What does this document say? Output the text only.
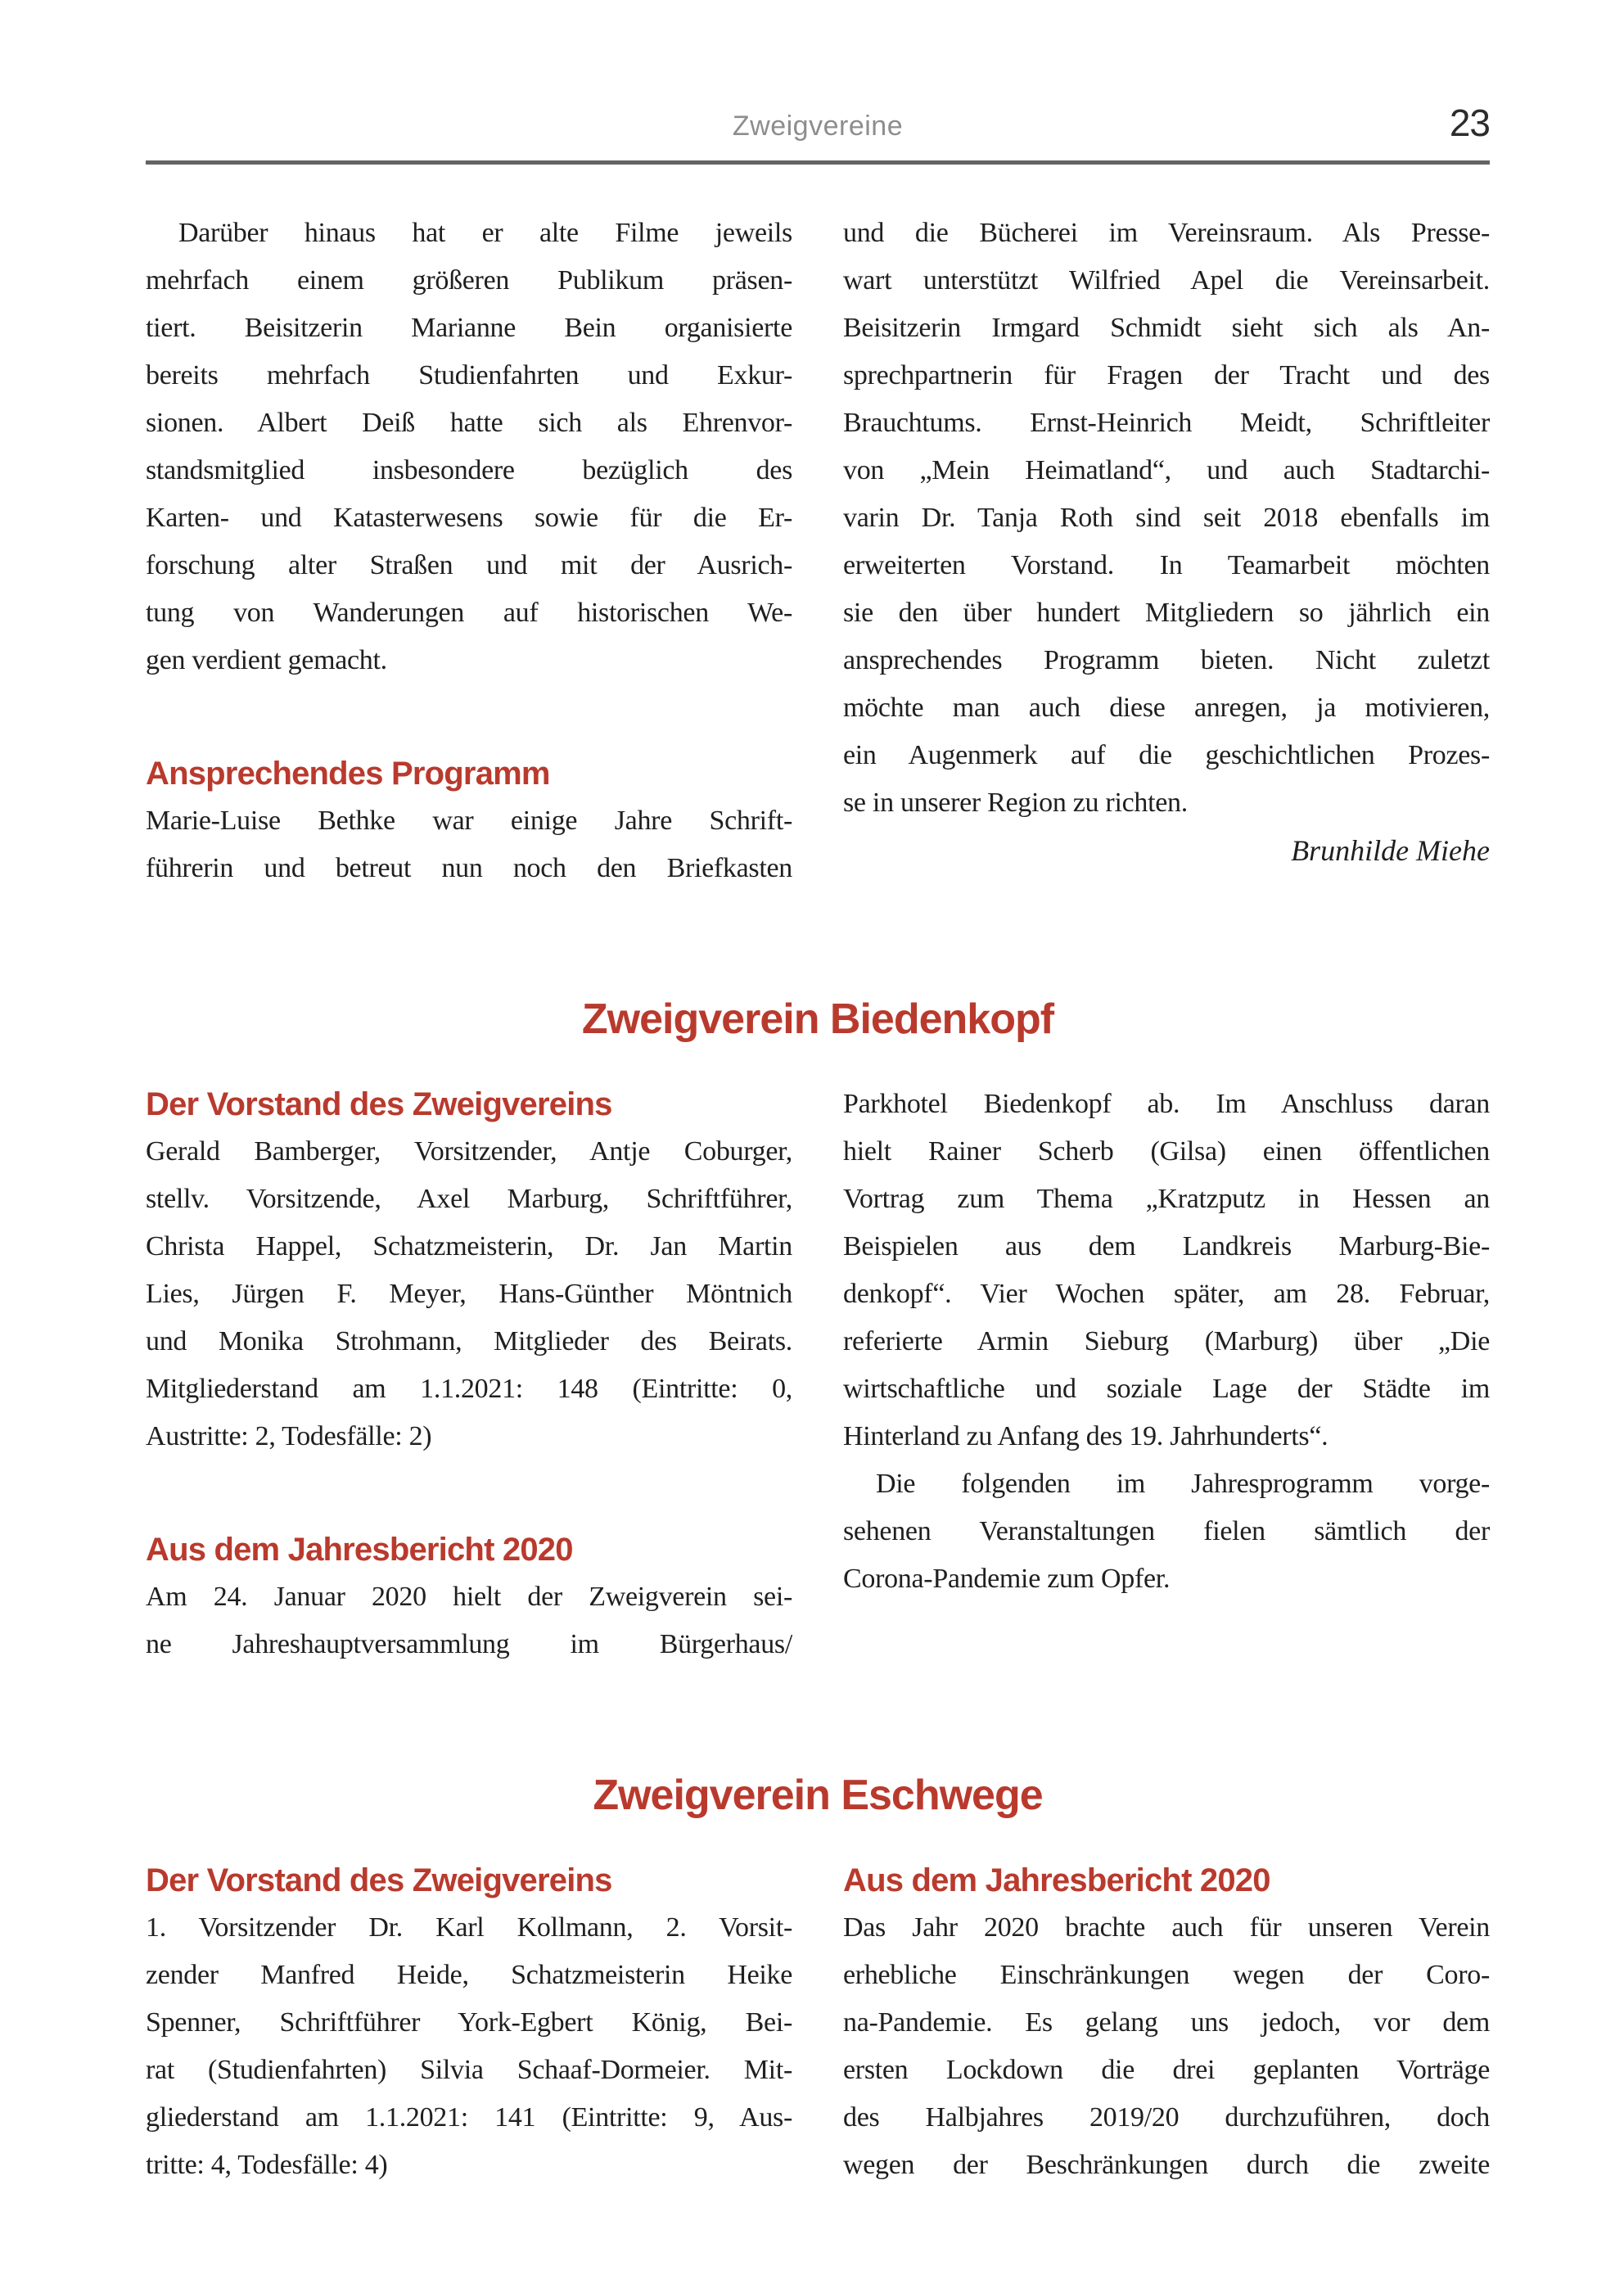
Zweigvereine	23
Darüber hinaus hat er alte Filme jeweils
mehrfach einem größeren Publikum präsen-
tiert. Beisitzerin Marianne Bein organisierte
bereits mehrfach Studienfahrten und Exkur-
sionen. Albert Deiß hatte sich als Ehrenvor-
standsmitglied insbesondere bezüglich des
Karten- und Katasterwesens sowie für die Er-
forschung alter Straßen und mit der Ausrich-
tung von Wanderungen auf historischen We-
gen verdient gemacht.
Ansprechendes Programm
Marie-Luise Bethke war einige Jahre Schrift-
führerin und betreut nun noch den Briefkasten
und die Bücherei im Vereinsraum. Als Presse-
wart unterstützt Wilfried Apel die Vereinsarbeit.
Beisitzerin Irmgard Schmidt sieht sich als An-
sprechpartnerin für Fragen der Tracht und des
Brauchtums. Ernst-Heinrich Meidt, Schriftleiter
von „Mein Heimatland“, und auch Stadtarchi-
varin Dr. Tanja Roth sind seit 2018 ebenfalls im
erweiterten Vorstand. In Teamarbeit möchten
sie den über hundert Mitgliedern so jährlich ein
ansprechendes Programm bieten. Nicht zuletzt
möchte man auch diese anregen, ja motivieren,
ein Augenmerk auf die geschichtlichen Prozes-
se in unserer Region zu richten.
Brunhilde Miehe
Zweigverein Biedenkopf
Der Vorstand des Zweigvereins
Gerald Bamberger, Vorsitzender, Antje Coburger,
stellv. Vorsitzende, Axel Marburg, Schriftführer,
Christa Happel, Schatzmeisterin, Dr. Jan Martin
Lies, Jürgen F. Meyer, Hans-Günther Möntnich
und Monika Strohmann, Mitglieder des Beirats.
Mitgliederstand am 1.1.2021: 148 (Eintritte: 0,
Austritte: 2, Todesfälle: 2)
Aus dem Jahresbericht 2020
Am 24. Januar 2020 hielt der Zweigverein sei-
ne Jahreshauptversammlung im Bürgerhaus/
Parkhotel Biedenkopf ab. Im Anschluss daran
hielt Rainer Scherb (Gilsa) einen öffentlichen
Vortrag zum Thema „Kratzputz in Hessen an
Beispielen aus dem Landkreis Marburg-Bie-
denkopf“. Vier Wochen später, am 28. Februar,
referierte Armin Sieburg (Marburg) über „Die
wirtschaftliche und soziale Lage der Städte im
Hinterland zu Anfang des 19. Jahrhunderts“.
Die folgenden im Jahresprogramm vorge-
sehenen Veranstaltungen fielen sämtlich der
Corona-Pandemie zum Opfer.
Zweigverein Eschwege
Der Vorstand des Zweigvereins
1. Vorsitzender Dr. Karl Kollmann, 2. Vorsit-
zender Manfred Heide, Schatzmeisterin Heike
Spenner, Schriftführer York-Egbert König, Bei-
rat (Studienfahrten) Silvia Schaaf-Dormeier. Mit-
gliederstand am 1.1.2021: 141 (Eintritte: 9, Aus-
tritte: 4, Todesfälle: 4)
Aus dem Jahresbericht 2020
Das Jahr 2020 brachte auch für unseren Verein
erhebliche Einschränkungen wegen der Coro-
na-Pandemie. Es gelang uns jedoch, vor dem
ersten Lockdown die drei geplanten Vorträge
des Halbjahres 2019/20 durchzuführen, doch
wegen der Beschränkungen durch die zweite
